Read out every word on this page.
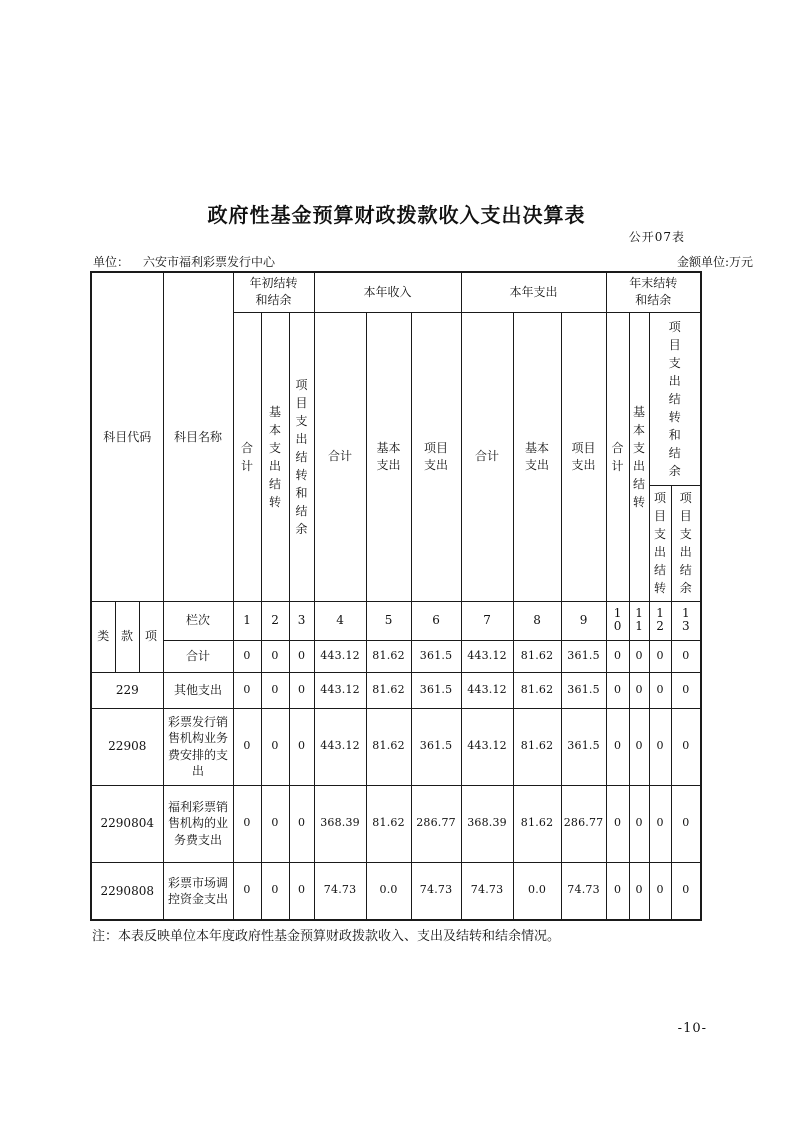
政府性基金预算财政拨款收入支出决算表
公开07表
单位： 六安市福利彩票发行中心	金额单位:万元
科目代码			科目名称	年初结转和结余			本年收入			本年支出			年末结转和结余			
				合计	基本支出结转	项目支出结转和结余	合计	基本支出	项目支出	合计	基本支出	项目支出	合计	基本支出结转	项目支出结转和结余	
															项目支出结转	项目支出结余
类	款	项	栏次	1	2	3	4	5	6	7	8	9	10	11	12	13
			合计	0	0	0	443.12	81.62	361.5	443.12	81.62	361.5	0	0	0	0
229			其他支出	0	0	0	443.12	81.62	361.5	443.12	81.62	361.5	0	0	0	0
22908			彩票发行销售机构业务费安排的支出	0	0	0	443.12	81.62	361.5	443.12	81.62	361.5	0	0	0	0
2290804			福利彩票销售机构的业务费支出	0	0	0	368.39	81.62	286.77	368.39	81.62	286.77	0	0	0	0
2290808			彩票市场调控资金支出	0	0	0	74.73	0.0	74.73	74.73	0.0	74.73	0	0	0	0
注：本表反映单位本年度政府性基金预算财政拨款收入、支出及结转和结余情况。
-10-
